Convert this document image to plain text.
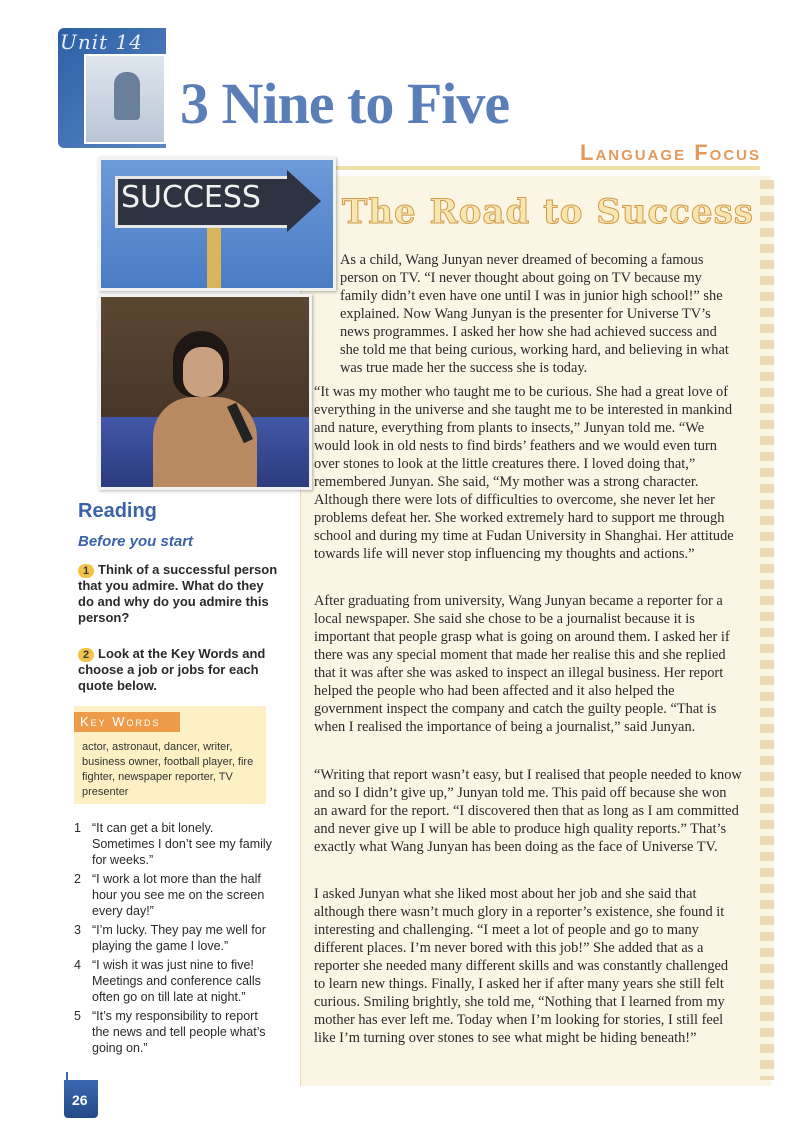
Unit 14
3 Nine to Five
Language Focus
SUCCESS The Road to Success

As a child, Wang Junyan never dreamed of becoming a famous person on TV. “I never thought about going on TV because my family didn’t even have one until I was in junior high school!” she explained. Now Wang Junyan is the presenter for Universe TV’s news programmes. I asked her how she had achieved success and she told me that being curious, working hard, and believing in what was true made her the success she is today.

“It was my mother who taught me to be curious. She had a great love of everything in the universe and she taught me to be interested in mankind and nature, everything from plants to insects,” Junyan told me. “We would look in old nests to find birds’ feathers and we would even turn over stones to look at the little creatures there. I loved doing that,” remembered Junyan. She said, “My mother was a strong character. Although there were lots of difficulties to overcome, she never let her problems defeat her. She worked extremely hard to support me through school and during my time at Fudan University in Shanghai. Her attitude towards life will never stop influencing my thoughts and actions.”

After graduating from university, Wang Junyan became a reporter for a local newspaper. She said she chose to be a journalist because it is important that people grasp what is going on around them. I asked her if there was any special moment that made her realise this and she replied that it was after she was asked to inspect an illegal business. Her report helped the people who had been affected and it also helped the government inspect the company and catch the guilty people. “That is when I realised the importance of being a journalist,” said Junyan.

“Writing that report wasn’t easy, but I realised that people needed to know and so I didn’t give up,” Junyan told me. This paid off because she won an award for the report. “I discovered then that as long as I am committed and never give up I will be able to produce high quality reports.” That’s exactly what Wang Junyan has been doing as the face of Universe TV.

I asked Junyan what she liked most about her job and she said that although there wasn’t much glory in a reporter’s existence, she found it interesting and challenging. “I meet a lot of people and go to many different places. I’m never bored with this job!” She added that as a reporter she needed many different skills and was constantly challenged to learn new things. Finally, I asked her if after many years she still felt curious. Smiling brightly, she told me, “Nothing that I learned from my mother has ever left me. Today when I’m looking for stories, I still feel like I’m turning over stones to see what might be hiding beneath!”

Reading
Before you start

1 Think of a successful person that you admire. What do they do and why do you admire this person?

2 Look at the Key Words and choose a job or jobs for each quote below.

Key Words

actor, astronaut, dancer, writer, business owner, football player, fire fighter, newspaper reporter, TV presenter

1 “It can get a bit lonely. Sometimes I don’t see my family for weeks.”
2 “I work a lot more than the half hour you see me on the screen every day!”
3 “I’m lucky. They pay me well for playing the game I love.”
4 “I wish it was just nine to five! Meetings and conference calls often go on till late at night.”
5 “It’s my responsibility to report the news and tell people what’s going on.”
26
